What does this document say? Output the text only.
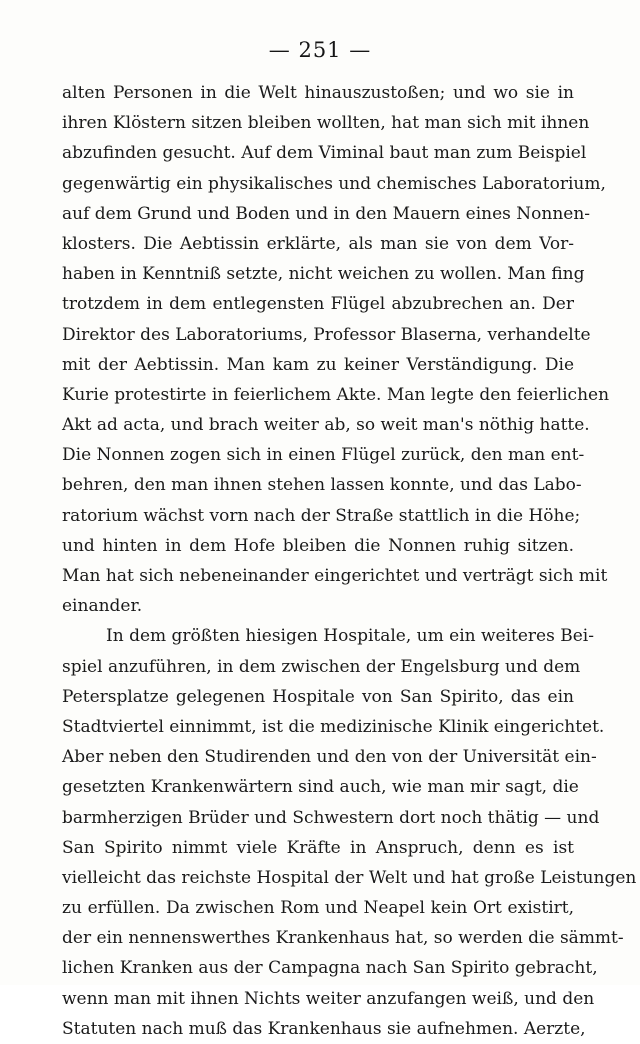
— 251 —
alten Personen in die Welt hinauszustoßen; und wo sie in
ihren Klöstern sitzen bleiben wollten, hat man sich mit ihnen
abzufinden gesucht. Auf dem Viminal baut man zum Beispiel
gegenwärtig ein physikalisches und chemisches Laboratorium,
auf dem Grund und Boden und in den Mauern eines Nonnen-
klosters. Die Aebtissin erklärte, als man sie von dem Vor-
haben in Kenntniß setzte, nicht weichen zu wollen. Man fing
trotzdem in dem entlegensten Flügel abzubrechen an. Der
Direktor des Laboratoriums, Professor Blaserna, verhandelte
mit der Aebtissin. Man kam zu keiner Verständigung. Die
Kurie protestirte in feierlichem Akte. Man legte den feierlichen
Akt ad acta, und brach weiter ab, so weit man's nöthig hatte.
Die Nonnen zogen sich in einen Flügel zurück, den man ent-
behren, den man ihnen stehen lassen konnte, und das Labo-
ratorium wächst vorn nach der Straße stattlich in die Höhe;
und hinten in dem Hofe bleiben die Nonnen ruhig sitzen.
Man hat sich nebeneinander eingerichtet und verträgt sich mit
einander.
In dem größten hiesigen Hospitale, um ein weiteres Bei-
spiel anzuführen, in dem zwischen der Engelsburg und dem
Petersplatze gelegenen Hospitale von San Spirito, das ein
Stadtviertel einnimmt, ist die medizinische Klinik eingerichtet.
Aber neben den Studirenden und den von der Universität ein-
gesetzten Krankenwärtern sind auch, wie man mir sagt, die
barmherzigen Brüder und Schwestern dort noch thätig — und
San Spirito nimmt viele Kräfte in Anspruch, denn es ist
vielleicht das reichste Hospital der Welt und hat große Leistungen
zu erfüllen. Da zwischen Rom und Neapel kein Ort existirt,
der ein nennenswerthes Krankenhaus hat, so werden die sämmt-
lichen Kranken aus der Campagna nach San Spirito gebracht,
wenn man mit ihnen Nichts weiter anzufangen weiß, und den
Statuten nach muß das Krankenhaus sie aufnehmen. Aerzte,
